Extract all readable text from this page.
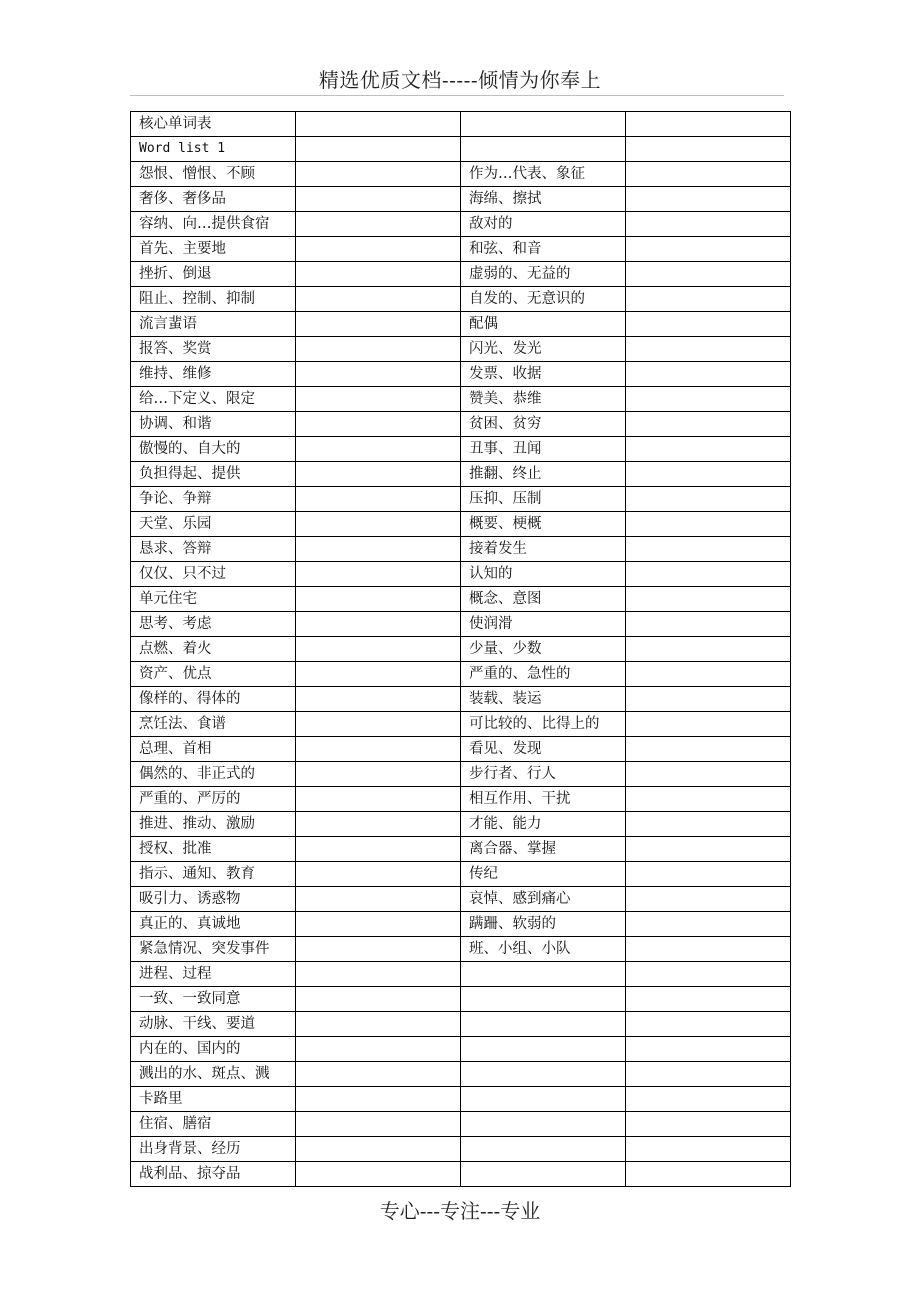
精选优质文档-----倾情为你奉上
核心单词表			
Word list 1			
怨恨、憎恨、不顾		作为…代表、象征	
奢侈、奢侈品		海绵、擦拭	
容纳、向…提供食宿		敌对的	
首先、主要地		和弦、和音	
挫折、倒退		虚弱的、无益的	
阻止、控制、抑制		自发的、无意识的	
流言蜚语		配偶	
报答、奖赏		闪光、发光	
维持、维修		发票、收据	
给…下定义、限定		赞美、恭维	
协调、和谐		贫困、贫穷	
傲慢的、自大的		丑事、丑闻	
负担得起、提供		推翻、终止	
争论、争辩		压抑、压制	
天堂、乐园		概要、梗概	
恳求、答辩		接着发生	
仅仅、只不过		认知的	
单元住宅		概念、意图	
思考、考虑		使润滑	
点燃、着火		少量、少数	
资产、优点		严重的、急性的	
像样的、得体的		装载、装运	
烹饪法、食谱		可比较的、比得上的	
总理、首相		看见、发现	
偶然的、非正式的		步行者、行人	
严重的、严厉的		相互作用、干扰	
推进、推动、激励		才能、能力	
授权、批准		离合器、掌握	
指示、通知、教育		传纪	
吸引力、诱惑物		哀悼、感到痛心	
真正的、真诚地		蹒跚、软弱的	
紧急情况、突发事件		班、小组、小队	
进程、过程			
一致、一致同意			
动脉、干线、要道			
内在的、国内的			
溅出的水、斑点、溅			
卡路里			
住宿、膳宿			
出身背景、经历			
战利品、掠夺品			
专心---专注---专业
